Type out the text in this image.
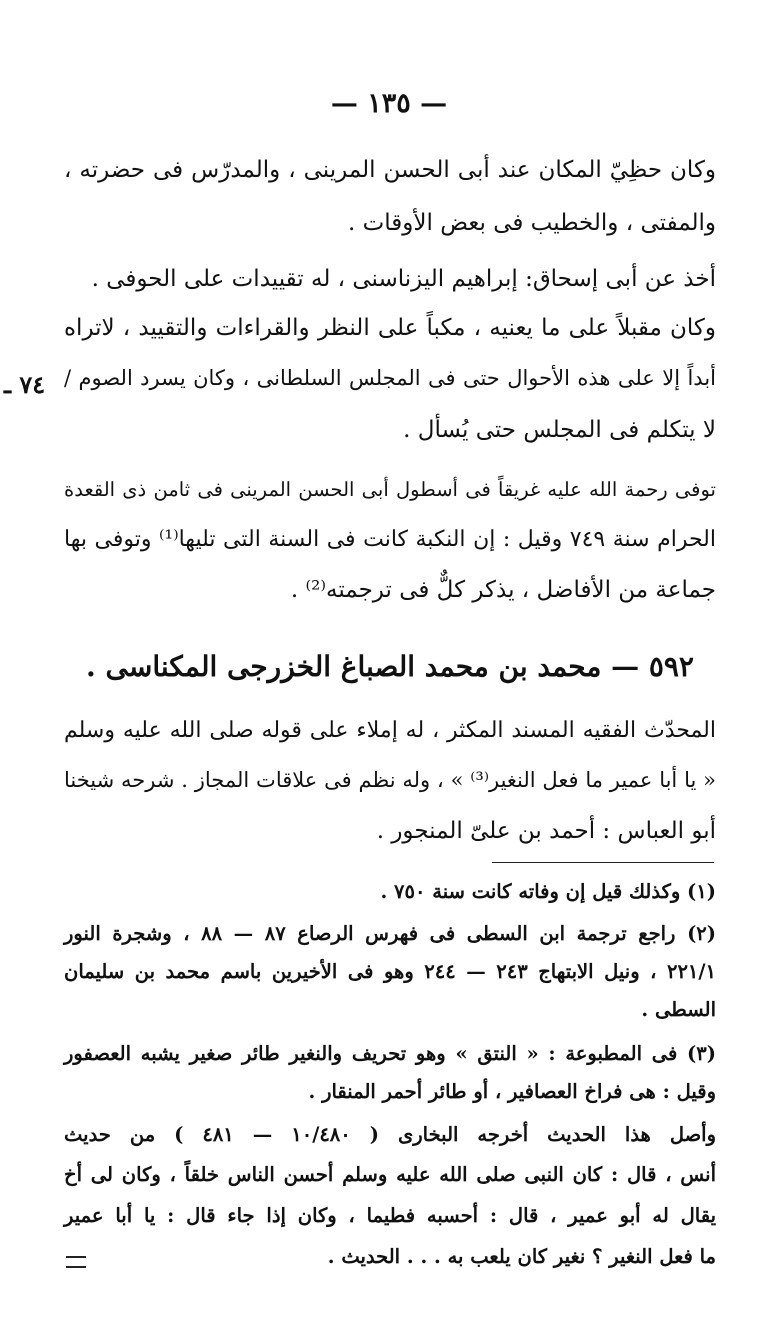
— ١٣٥ —
٧٤ ـ
وكان حظِيّ المكان عند أبى الحسن المرينى ، والمدرّس فى حضرته ،
والمفتى ، والخطيب فى بعض الأوقات .
أخذ عن أبى إسحاق: إبراهيم اليزناسنى ، له تقييدات على الحوفى .
وكان مقبلاً على ما يعنيه ، مكباً على النظر والقراءات والتقييد ، لاتراه
أبداً إلا على هذه الأحوال حتى فى المجلس السلطانى ، وكان يسرد الصوم /
لا يتكلم فى المجلس حتى يُسأل .
توفى رحمة الله عليه غريقاً فى أسطول أبى الحسن المرينى فى ثامن ذى القعدة
الحرام سنة ٧٤٩ وقيل : إن النكبة كانت فى السنة التى تليها⁽¹⁾ وتوفى بها
جماعة من الأفاضل ، يذكر كلٌّ فى ترجمته⁽²⁾ .
٥٩٢ — محمد بن محمد الصباغ الخزرجى المكناسى .
المحدّث الفقيه المسند المكثر ، له إملاء على قوله صلى الله عليه وسلم
« يا أبا عمير ما فعل النغير⁽³⁾ » ، وله نظم فى علاقات المجاز . شرحه شيخنا
أبو العباس : أحمد بن علىّ المنجور .
(١) وكذلك قيل إن وفاته كانت سنة ٧٥٠ .
(٢) راجع ترجمة ابن السطى فى فهرس الرصاع ٨٧ — ٨٨ ، وشجرة النور
٢٢١/١ ، ونيل الابتهاج ٢٤٣ — ٢٤٤ وهو فى الأخيرين باسم محمد بن سليمان
السطى .
(٣) فى المطبوعة : « النتق » وهو تحريف والنغير طائر صغير يشبه العصفور
وقيل : هى فراخ العصافير ، أو طائر أحمر المنقار .
وأصل هذا الحديث أخرجه البخارى ( ١٠/٤٨٠ — ٤٨١ ) من حديث
أنس ، قال : كان النبى صلى الله عليه وسلم أحسن الناس خلقاً ، وكان لى أخ
يقال له أبو عمير ، قال : أحسبه فطيما ، وكان إذا جاء قال : يا أبا عمير
ما فعل النغير ؟ نغير كان يلعب به . . . الحديث .
